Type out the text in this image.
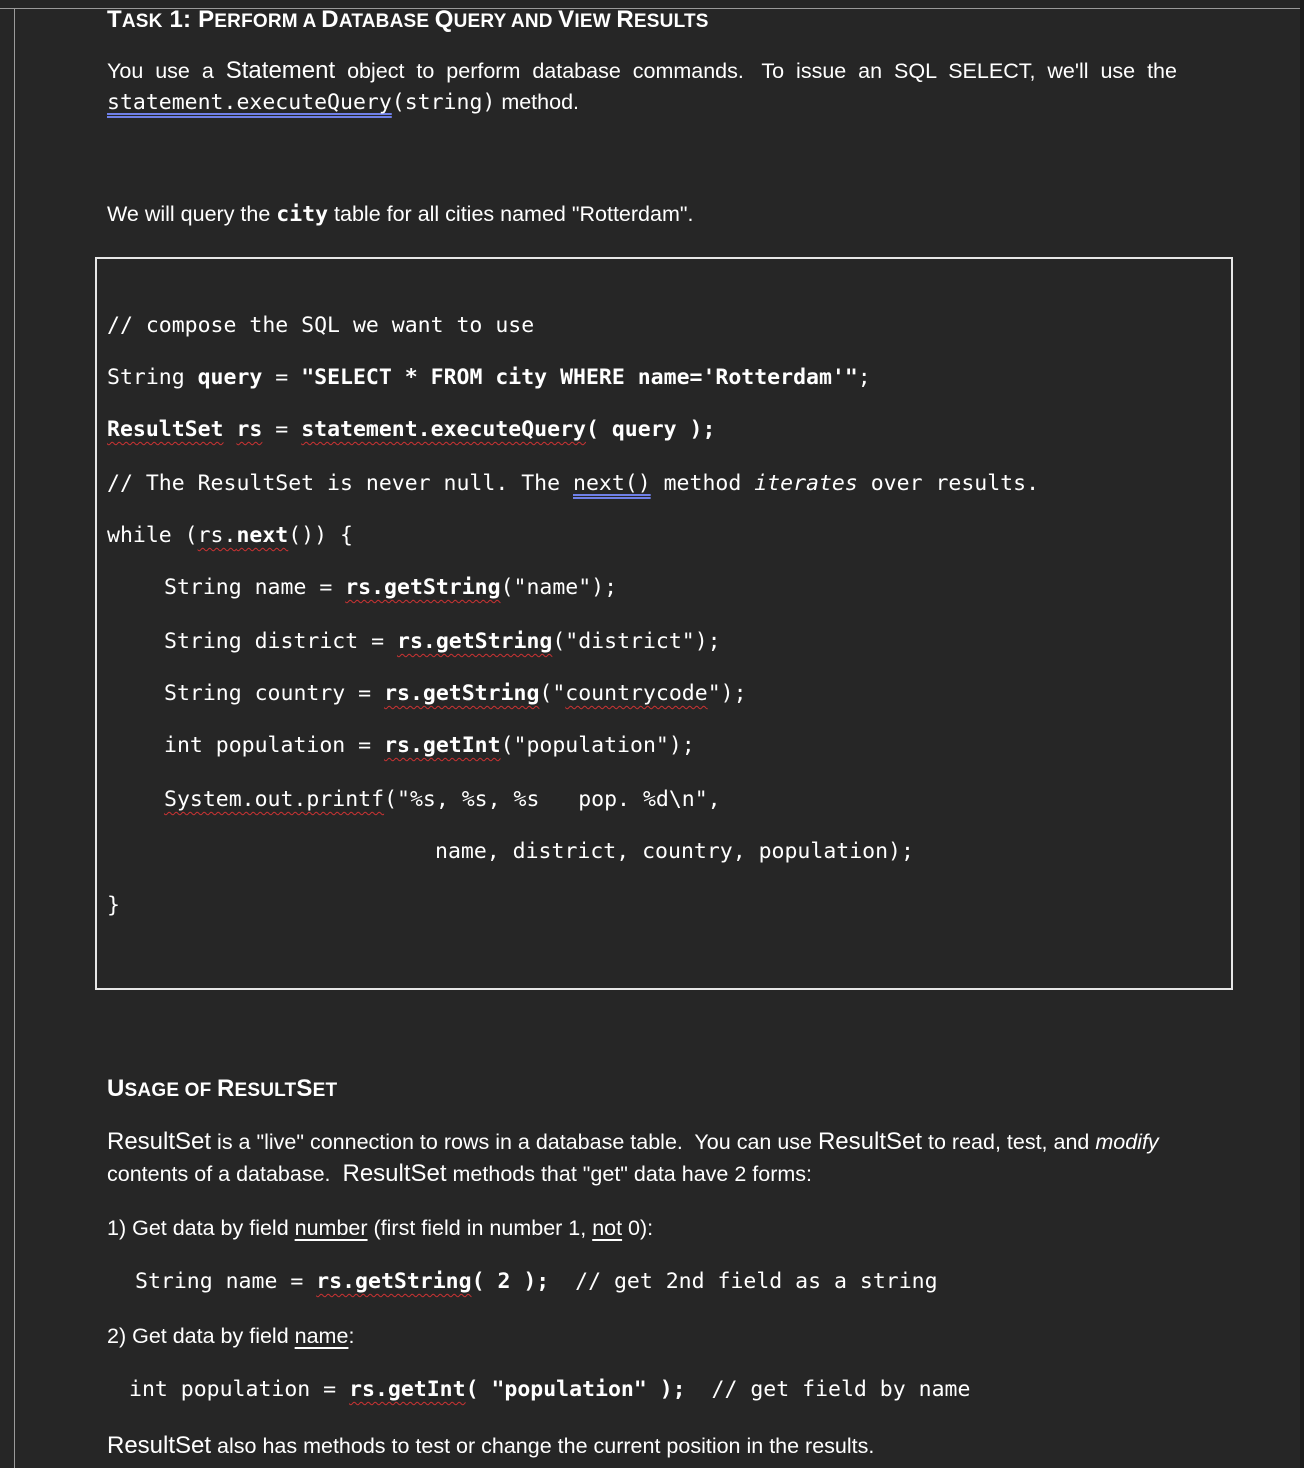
TASK 1: PERFORM A DATABASE QUERY AND VIEW RESULTS
You  use  a  Statement  object  to  perform  database  commands.   To  issue  an  SQL  SELECT,  we'll  use  the
statement.executeQuery(string) method.
We will query the city table for all cities named "Rotterdam".
// compose the SQL we want to use
String query = "SELECT * FROM city WHERE name='Rotterdam'";
ResultSet rs = statement.executeQuery( query );
// The ResultSet is never null. The next() method iterates over results.
while (rs.next()) {
String name = rs.getString("name");
String district = rs.getString("district");
String country = rs.getString("countrycode");
int population = rs.getInt("population");
System.out.printf("%s, %s, %s   pop. %d\n",
name, district, country, population);
}
USAGE OF RESULTSET
ResultSet is a "live" connection to rows in a database table.  You can use ResultSet to read, test, and modify
contents of a database.  ResultSet methods that "get" data have 2 forms:
1) Get data by field number (first field in number 1, not 0):
String name = rs.getString( 2 );  // get 2nd field as a string
2) Get data by field name:
int population = rs.getInt( "population" );  // get field by name
ResultSet also has methods to test or change the current position in the results.
